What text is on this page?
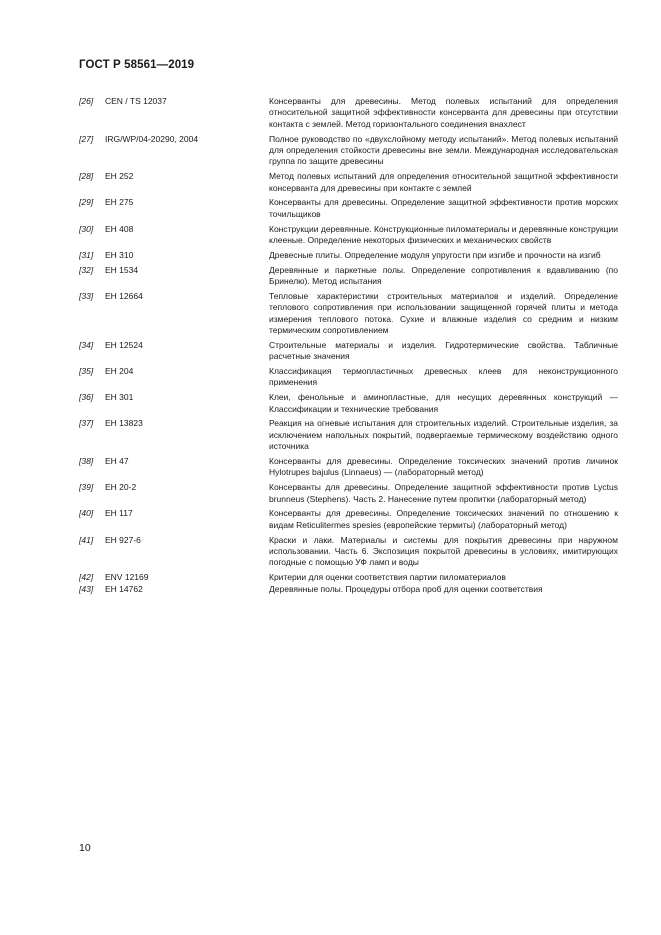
ГОСТ Р 58561—2019
[26]	CEN / TS 12037	Консерванты для древесины. Метод полевых испытаний для определения относительной защитной эффективности консерванта для древесины при отсутствии контакта с землей. Метод горизонтального соединения внахлест
[27]	IRG/WP/04-20290, 2004	Полное руководство по «двухслойному методу испытаний». Метод полевых испытаний для определения стойкости древесины вне земли. Международная исследовательская группа по защите древесины
[28]	ЕН 252	Метод полевых испытаний для определения относительной защитной эффективности консерванта для древесины при контакте с землей
[29]	ЕН 275	Консерванты для древесины. Определение защитной эффективности против морских точильщиков
[30]	ЕН 408	Конструкции деревянные. Конструкционные пиломатериалы и деревянные конструкции клееные. Определение некоторых физических и механических свойств
[31]	ЕН 310	Древесные плиты. Определение модуля упругости при изгибе и прочности на изгиб
[32]	ЕН 1534	Деревянные и паркетные полы. Определение сопротивления к вдавливанию (по Бринелю). Метод испытания
[33]	ЕН 12664	Тепловые характеристики строительных материалов и изделий. Определение теплового сопротивления при использовании защищенной горячей плиты и метода измерения теплового потока. Сухие и влажные изделия со средним и низким термическим сопротивлением
[34]	ЕН 12524	Строительные материалы и изделия. Гидротермические свойства. Табличные расчетные значения
[35]	ЕН 204	Классификация термопластичных древесных клеев для неконструкционного применения
[36]	ЕН 301	Клеи, фенольные и аминопластные, для несущих деревянных конструкций — Классификации и технические требования
[37]	ЕН 13823	Реакция на огневые испытания для строительных изделий. Строительные изделия, за исключением напольных покрытий, подвергаемые термическому воздействию одного источника
[38]	ЕН 47	Консерванты для древесины. Определение токсических значений против личинок Hylotrupes bajulus (Linnaeus) — (лабораторный метод)
[39]	ЕН 20-2	Консерванты для древесины. Определение защитной эффективности против Lyctus brunneus (Stephens). Часть 2. Нанесение путем пропитки (лабораторный метод)
[40]	ЕН 117	Консерванты для древесины. Определение токсических значений по отношению к видам Reticulitermes spesies (европейские термиты) (лабораторный метод)
[41]	ЕН 927-6	Краски и лаки. Материалы и системы для покрытия древесины при наружном использовании. Часть 6. Экспозиция покрытой древесины в условиях, имитирующих погодные с помощью УФ ламп и воды
[42]	ENV 12169	Критерии для оценки соответствия партии пиломатериалов
[43]	ЕН 14762	Деревянные полы. Процедуры отбора проб для оценки соответствия
10
